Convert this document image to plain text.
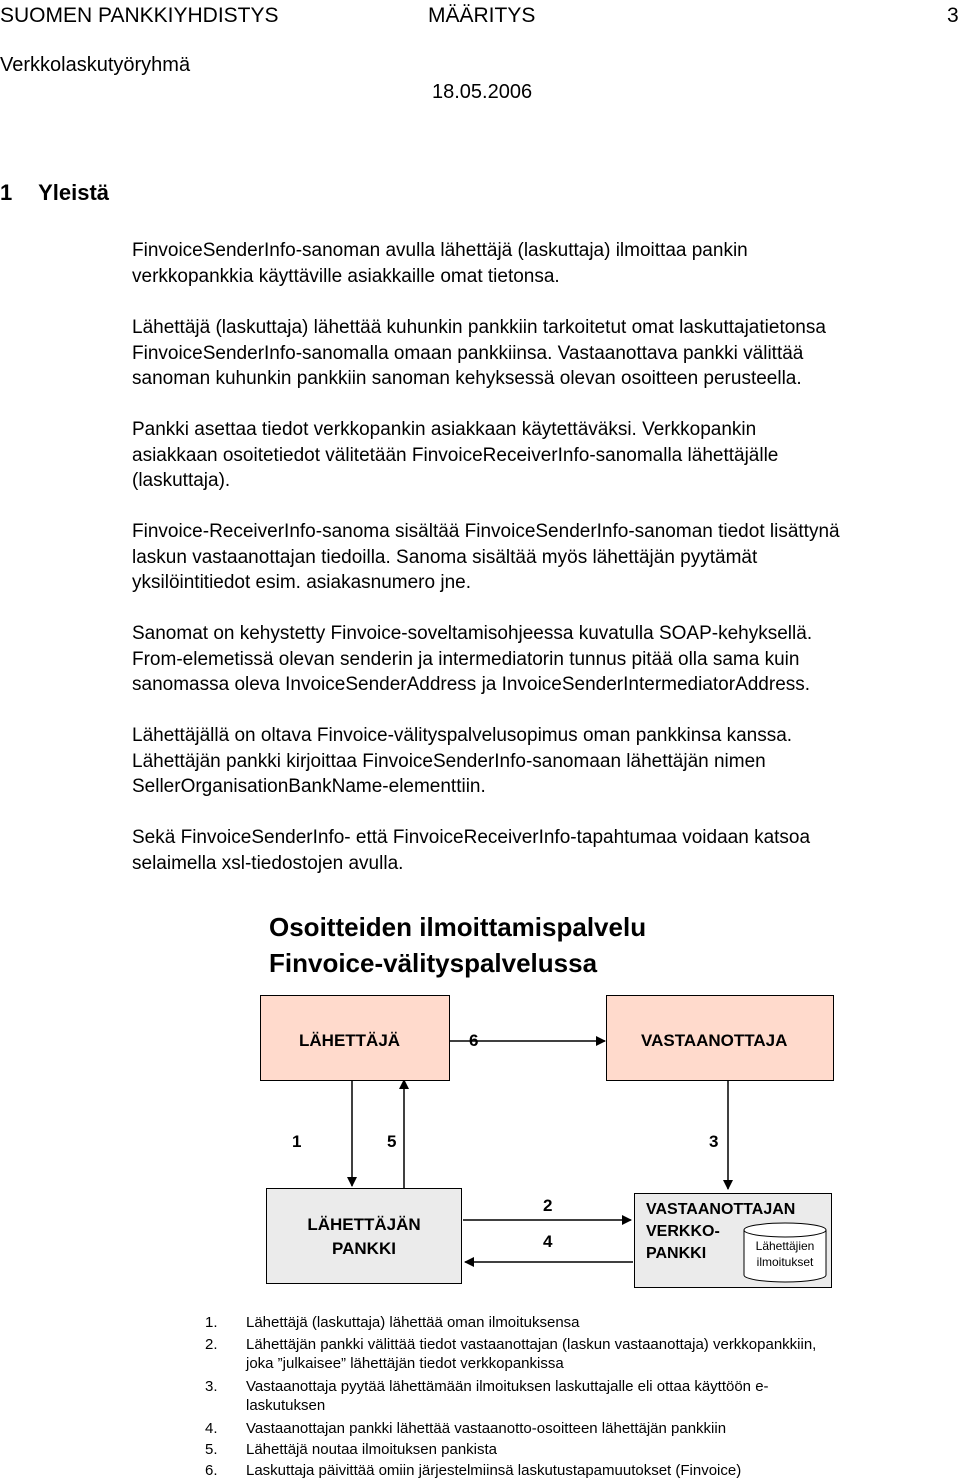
SUOMEN PANKKIYHDISTYS	MÄÄRITYS	3
Verkkolaskutyöryhmä
18.05.2006
1 Yleistä
FinvoiceSenderInfo-sanoman avulla lähettäjä (laskuttaja) ilmoittaa pankin
verkkopankkia käyttäville asiakkaille omat tietonsa.
Lähettäjä (laskuttaja) lähettää kuhunkin pankkiin tarkoitetut omat laskuttajatietonsa
FinvoiceSenderInfo-sanomalla omaan pankkiinsa. Vastaanottava pankki välittää
sanoman kuhunkin pankkiin sanoman kehyksessä olevan osoitteen perusteella.
Pankki asettaa tiedot verkkopankin asiakkaan käytettäväksi. Verkkopankin
asiakkaan osoitetiedot välitetään FinvoiceReceiverInfo-sanomalla lähettäjälle
(laskuttaja).
Finvoice-ReceiverInfo-sanoma sisältää FinvoiceSenderInfo-sanoman tiedot lisättynä
laskun vastaanottajan tiedoilla. Sanoma sisältää myös lähettäjän pyytämät
yksilöintitiedot esim. asiakasnumero jne.
Sanomat on kehystetty Finvoice-soveltamisohjeessa kuvatulla SOAP-kehyksellä.
From-elemetissä olevan senderin ja intermediatorin tunnus pitää olla sama kuin
sanomassa oleva InvoiceSenderAddress ja InvoiceSenderIntermediatorAddress.
Lähettäjällä on oltava Finvoice-välityspalvelusopimus oman pankkinsa kanssa.
Lähettäjän pankki kirjoittaa FinvoiceSenderInfo-sanomaan lähettäjän nimen
SellerOrganisationBankName-elementtiin.
Sekä FinvoiceSenderInfo- että FinvoiceReceiverInfo-tapahtumaa voidaan katsoa
selaimella xsl-tiedostojen avulla.
Osoitteiden ilmoittamispalvelu
Finvoice-välityspalvelussa
LÄHETTÄJÄ	6	VASTAANOTTAJA
1	5	3
2
4
LÄHETTÄJÄN
PANKKI
VASTAANOTTAJAN
VERKKO-
PANKKI	Lähettäjien
ilmoitukset
1. Lähettäjä (laskuttaja) lähettää oman ilmoituksensa
2. Lähettäjän pankki välittää tiedot vastaanottajan (laskun vastaanottaja) verkkopankkiin,
joka ”julkaisee” lähettäjän tiedot verkkopankissa
3. Vastaanottaja pyytää lähettämään ilmoituksen laskuttajalle eli ottaa käyttöön e-
laskutuksen
4. Vastaanottajan pankki lähettää vastaanotto-osoitteen lähettäjän pankkiin
5. Lähettäjä noutaa ilmoituksen pankista
6. Laskuttaja päivittää omiin järjestelmiinsä laskutustapamuutokset (Finvoice)
